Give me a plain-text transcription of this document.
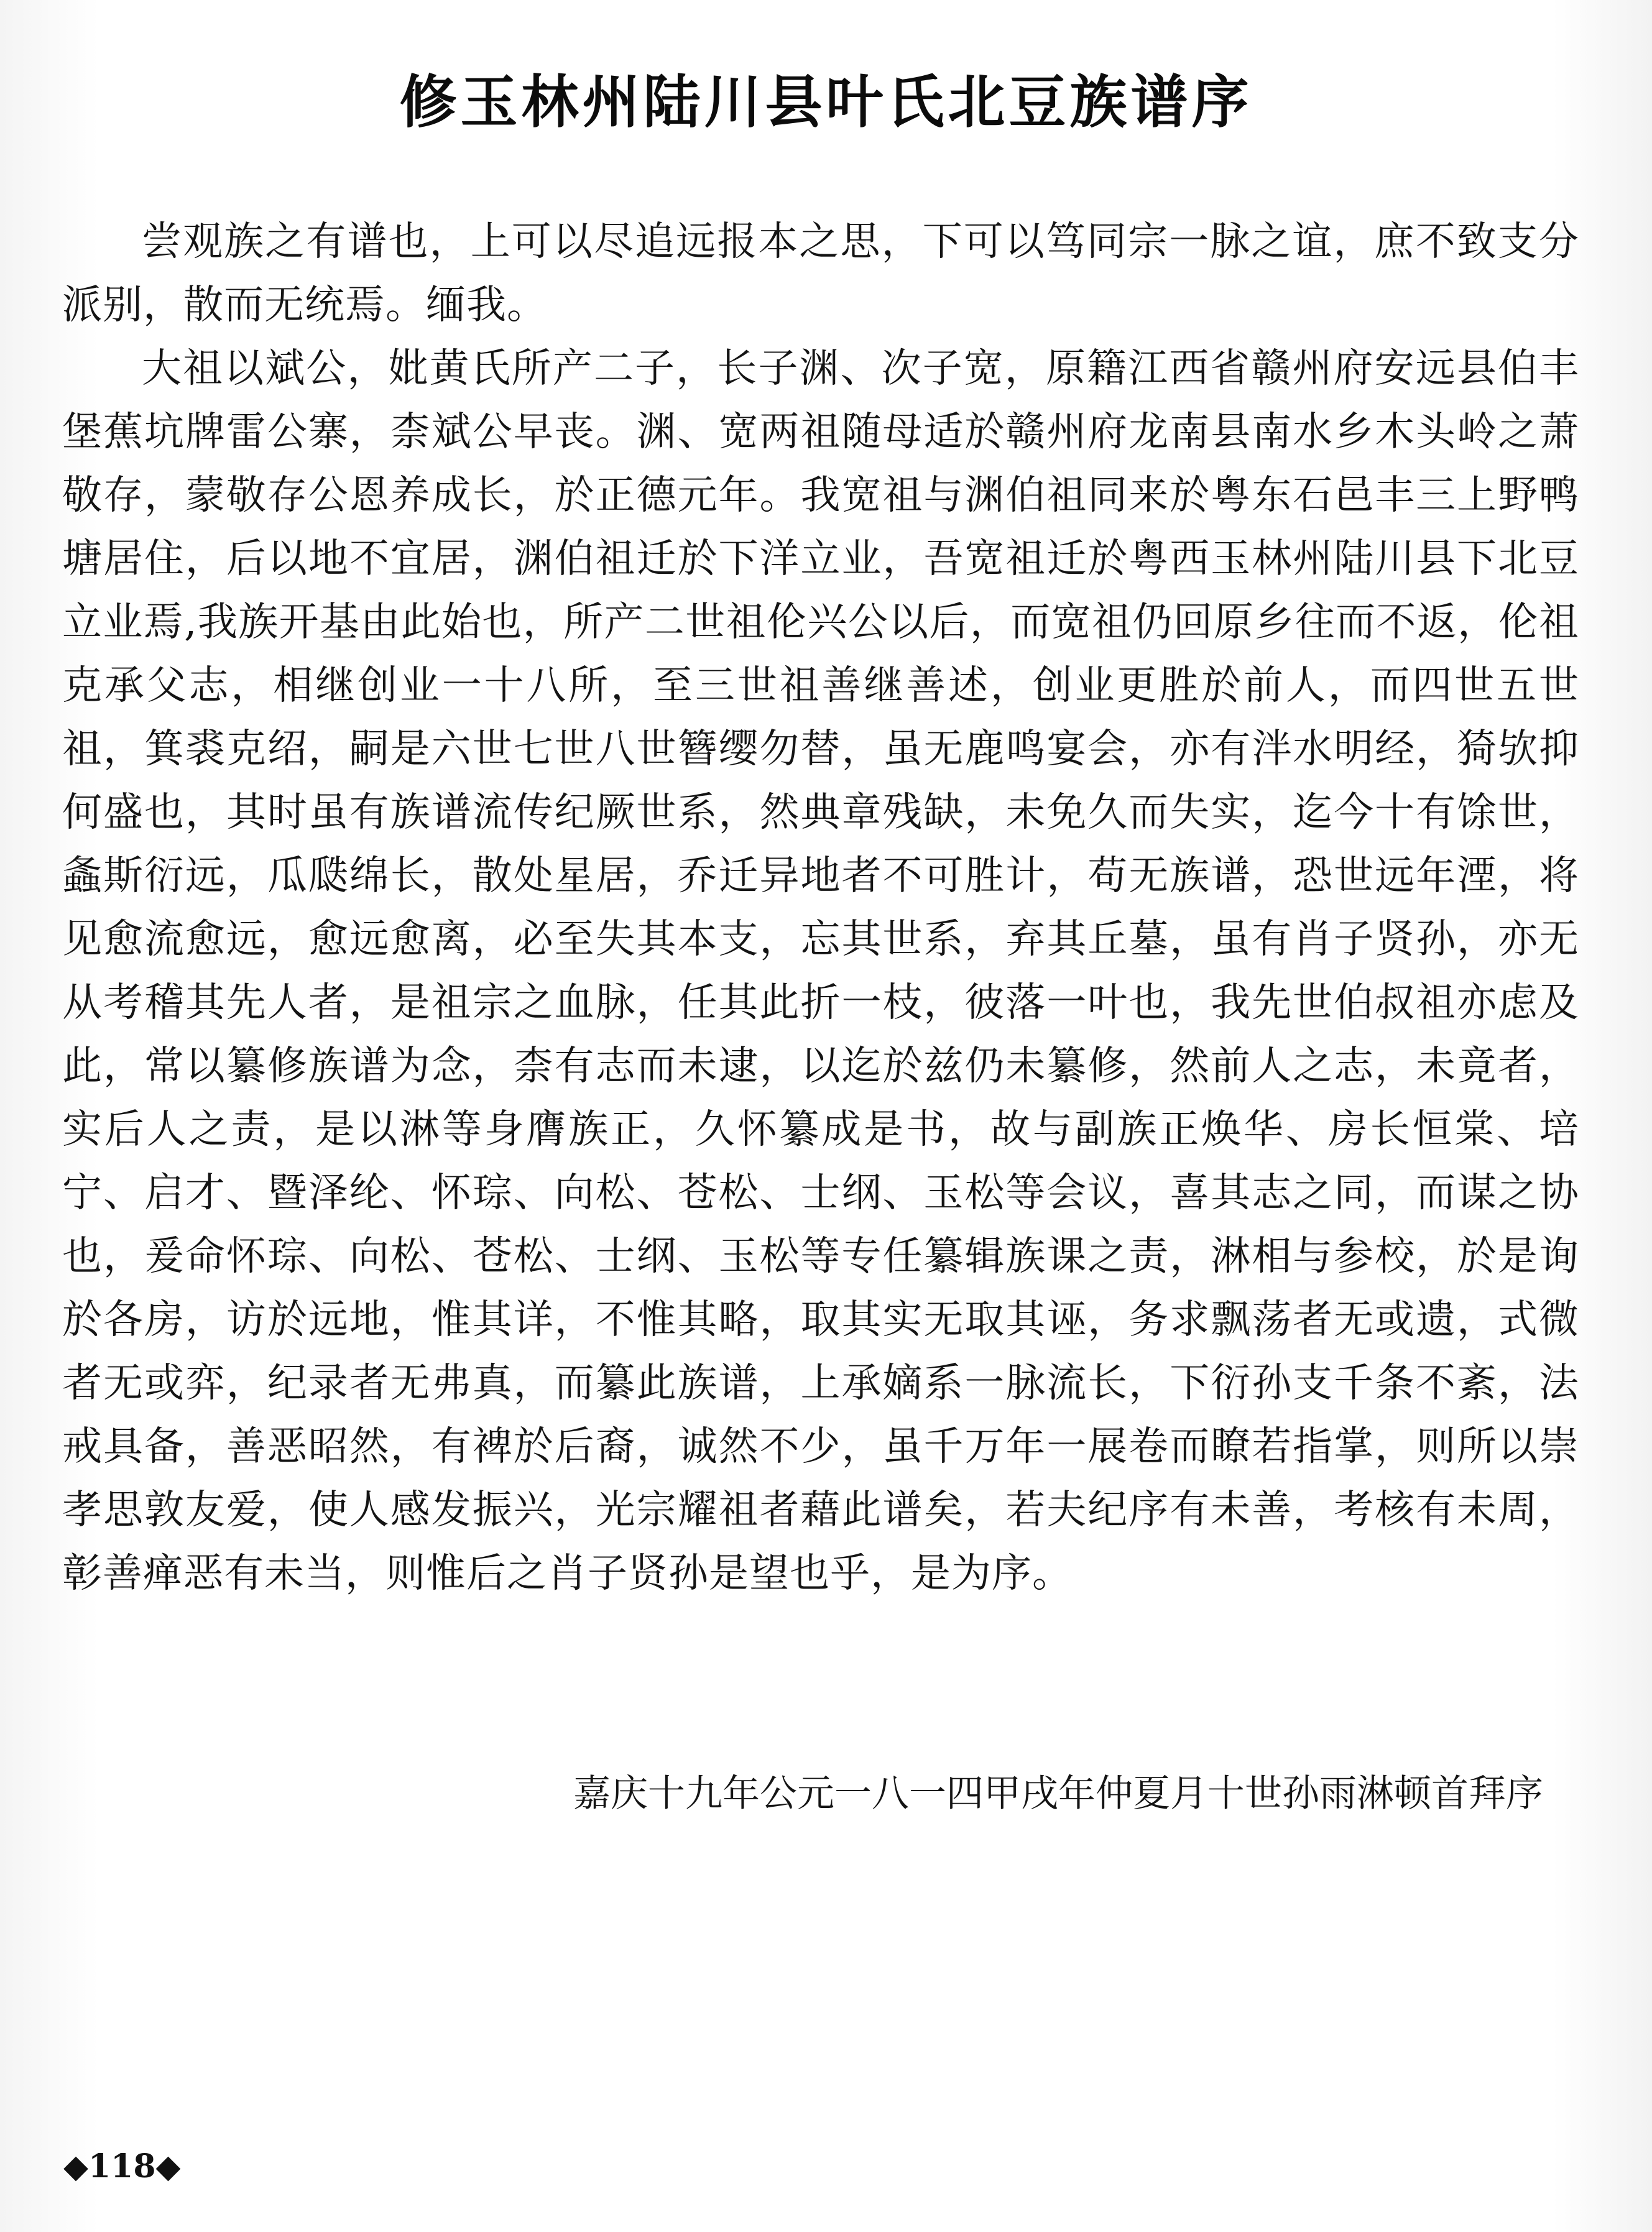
修玉林州陆川县叶氏北豆族谱序

尝观族之有谱也，上可以尽追远报本之思，下可以笃同宗一脉之谊，庶不致支分派别，散而无统焉。缅我。

大祖以斌公，妣黄氏所产二子，长子渊、次子宽，原籍江西省赣州府安远县伯丰堡蕉坑牌雷公寨，柰斌公早丧。渊、宽两祖随母适於赣州府龙南县南水乡木头岭之萧敬存，蒙敬存公恩养成长，於正德元年。我宽祖与渊伯祖同来於粤东石邑丰三上野鸭塘居住，后以地不宜居，渊伯祖迁於下洋立业，吾宽祖迁於粤西玉林州陆川县下北豆立业焉,我族开基由此始也，所产二世祖伦兴公以后，而宽祖仍回原乡往而不返，伦祖克承父志，相继创业一十八所，至三世祖善继善述，创业更胜於前人，而四世五世祖，箕裘克绍，嗣是六世七世八世簪缨勿替，虽无鹿鸣宴会，亦有泮水明经，猗欤抑何盛也，其时虽有族谱流传纪厥世系，然典章残缺，未免久而失实，迄今十有馀世，螽斯衍远，瓜瓞绵长，散处星居，乔迁异地者不可胜计，苟无族谱，恐世远年湮，将见愈流愈远，愈远愈离，必至失其本支，忘其世系，弃其丘墓，虽有肖子贤孙，亦无从考稽其先人者，是祖宗之血脉，任其此折一枝，彼落一叶也，我先世伯叔祖亦虑及此，常以纂修族谱为念，柰有志而未逮，以迄於兹仍未纂修，然前人之志，未竟者，实后人之责，是以淋等身膺族正，久怀纂成是书，故与副族正焕华、房长恒棠、培宁、启才、暨泽纶、怀琮、向松、苍松、士纲、玉松等会议，喜其志之同，而谋之协也，爰命怀琮、向松、苍松、士纲、玉松等专任纂辑族课之责，淋相与参校，於是询於各房，访於远地，惟其详，不惟其略，取其实无取其诬，务求飘荡者无或遗，式微者无或弈，纪录者无弗真，而纂此族谱，上承嫡系一脉流长，下衍孙支千条不紊，法戒具备，善恶昭然，有裨於后裔，诚然不少，虽千万年一展卷而瞭若指掌，则所以崇孝思敦友爱，使人感发振兴，光宗耀祖者藉此谱矣，若夫纪序有未善，考核有未周，彰善瘅恶有未当，则惟后之肖子贤孙是望也乎，是为序。

嘉庆十九年公元一八一四甲戌年仲夏月十世孙雨淋顿首拜序
◆118◆
